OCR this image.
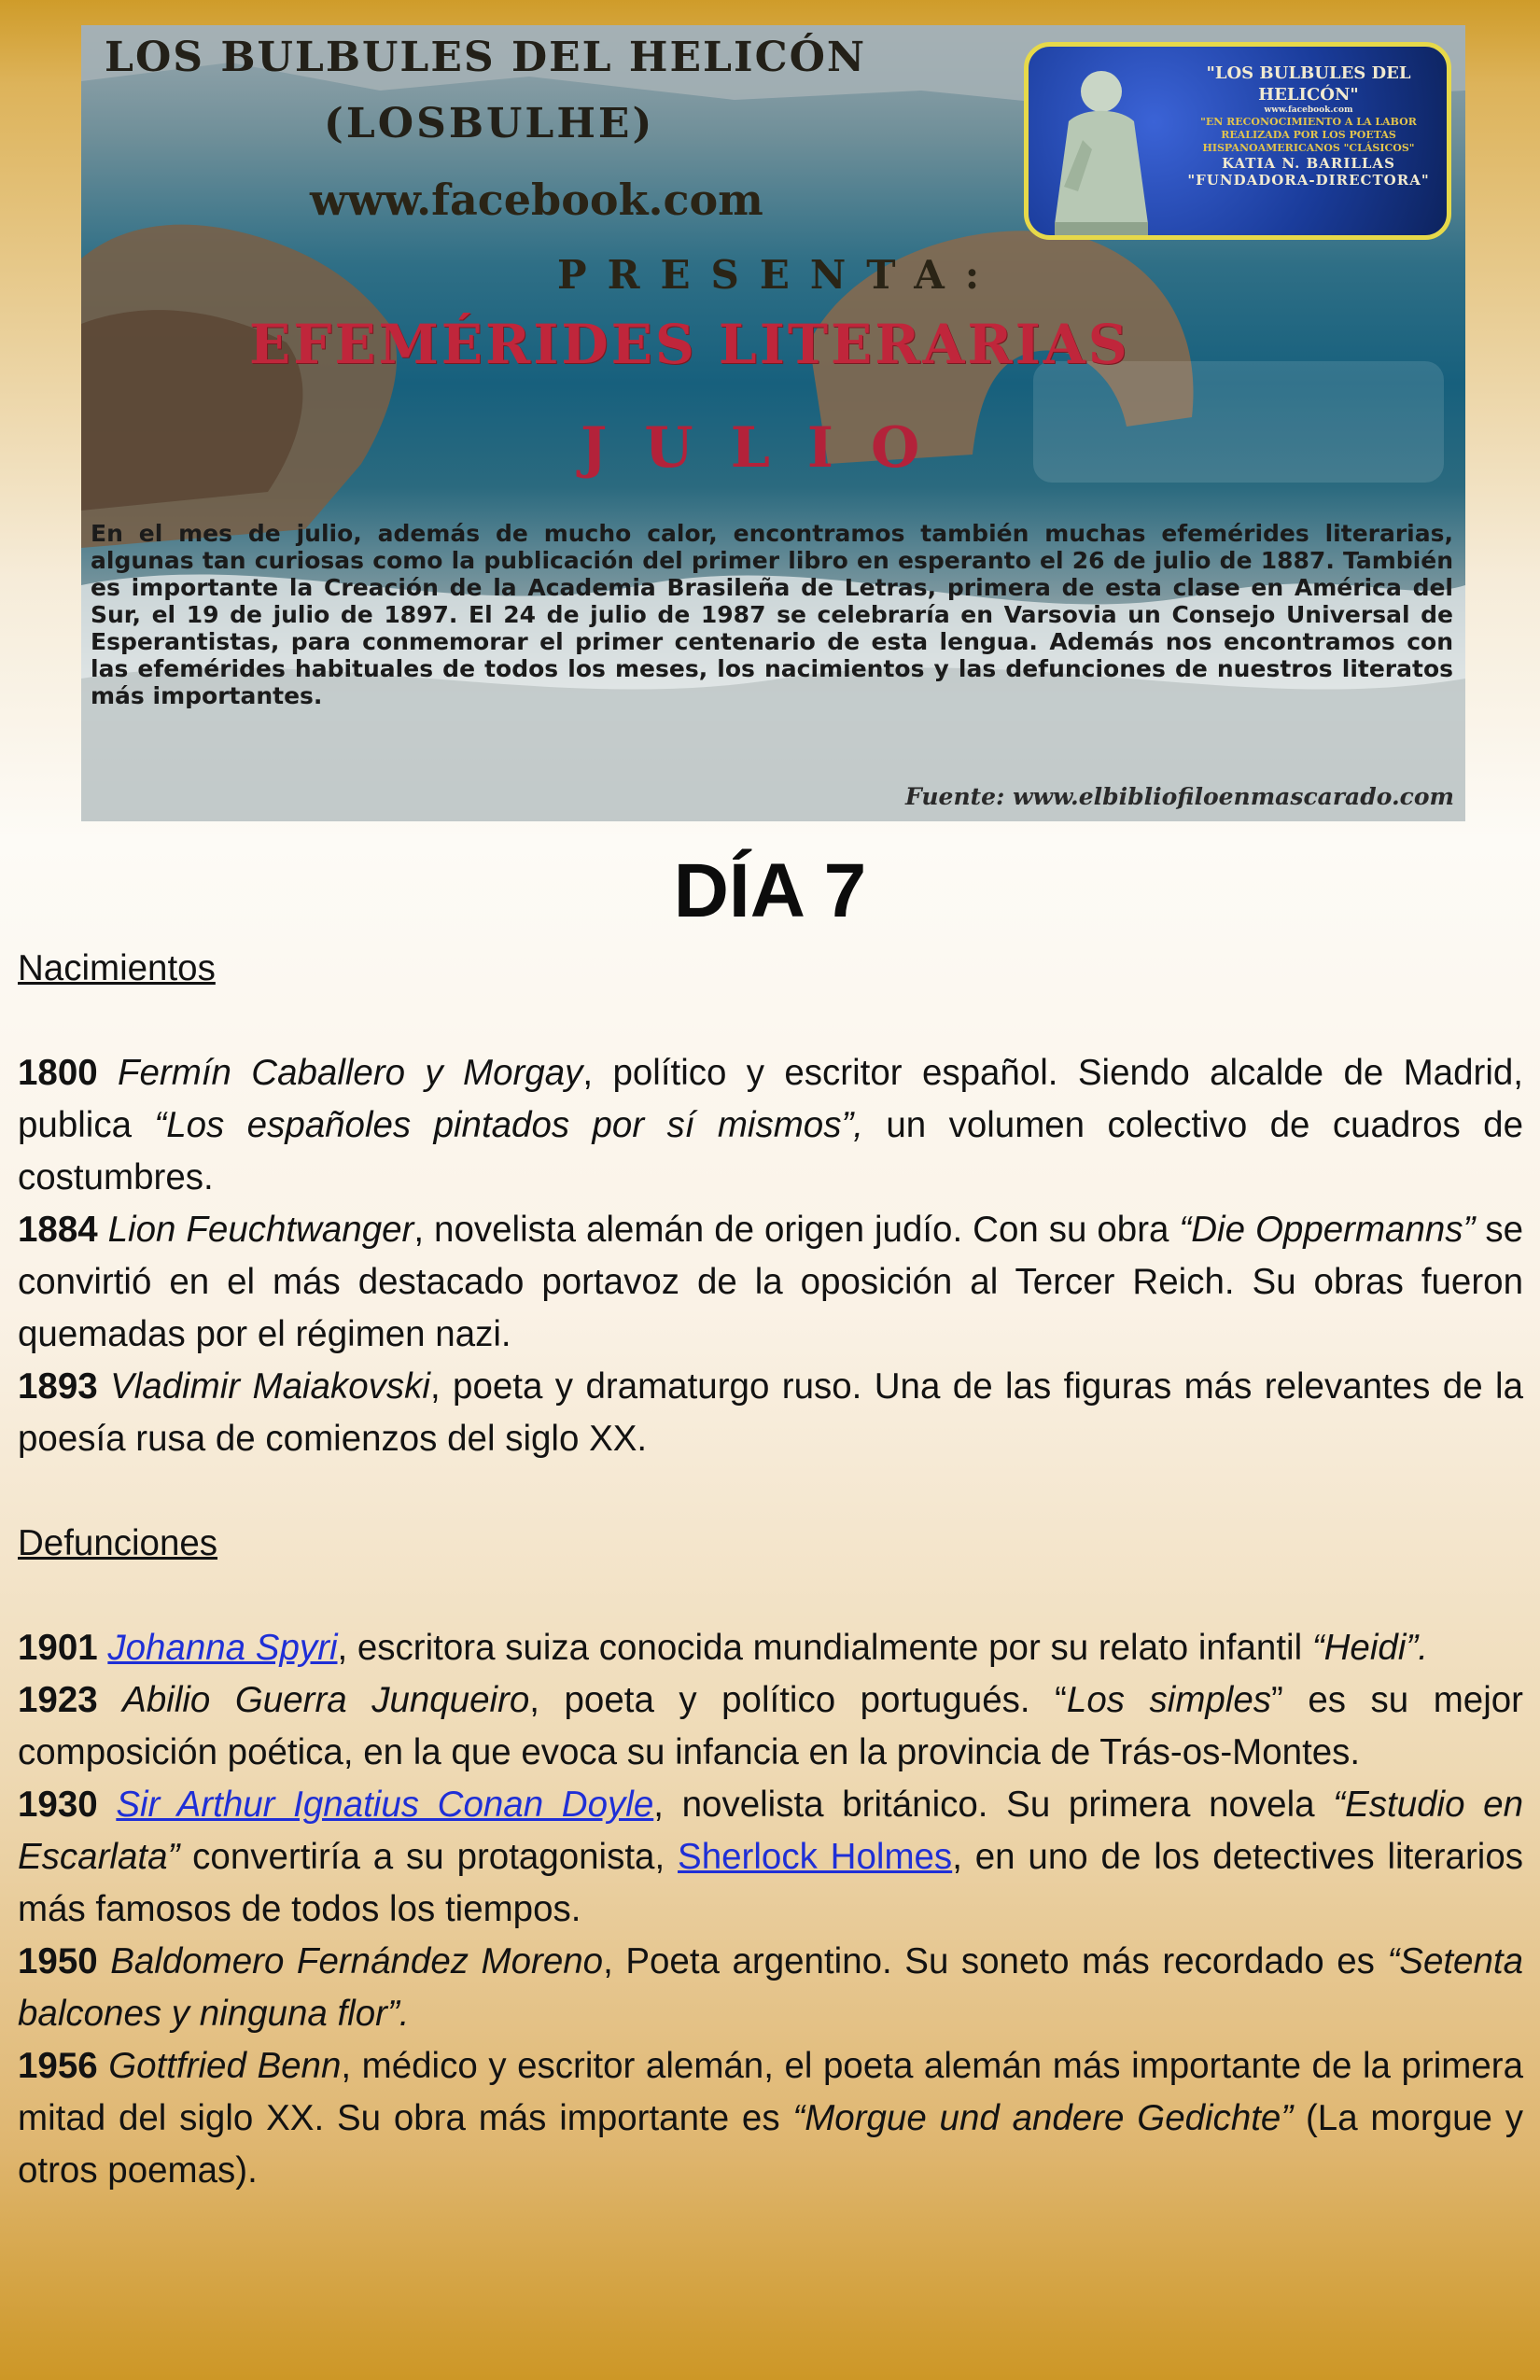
LOS BULBULES DEL HELICÓN
(LOSBULHE)
www.facebook.com
PRESENTA:
EFEMÉRIDES LITERARIAS
JULIO
"LOS BULBULES DEL HELICÓN"
www.facebook.com
"EN RECONOCIMIENTO A LA LABOR REALIZADA POR LOS POETAS HISPANOAMERICANOS "CLÁSICOS"
KATIA N. BARILLAS
"FUNDADORA-DIRECTORA"
En el mes de julio, además de mucho calor, encontramos también muchas efemérides literarias, algunas tan curiosas como la publicación del primer libro en esperanto el 26 de julio de 1887. También es importante la Creación de la Academia Brasileña de Letras, primera de esta clase en América del Sur, el 19 de julio de 1897. El 24 de julio de 1987 se celebraría en Varsovia un Consejo Universal de Esperantistas, para conmemorar el primer centenario de esta lengua. Además nos encontramos con las efemérides habituales de todos los meses, los nacimientos y las defunciones de nuestros literatos más importantes.
Fuente: www.elbibliofiloenmascarado.com
DÍA 7
Nacimientos

1800 Fermín Caballero y Morgay, político y escritor español. Siendo alcalde de Madrid, publica “Los españoles pintados por sí mismos”, un volumen colectivo de cuadros de costumbres.

1884 Lion Feuchtwanger, novelista alemán de origen judío. Con su obra “Die Oppermanns” se convirtió en el más destacado portavoz de la oposición al Tercer Reich. Su obras fueron quemadas por el régimen nazi.

1893 Vladimir Maiakovski, poeta y dramaturgo ruso. Una de las figuras más relevantes de la poesía rusa de comienzos del siglo XX.

Defunciones

1901 Johanna Spyri, escritora suiza conocida mundialmente por su relato infantil “Heidi”.

1923 Abilio Guerra Junqueiro, poeta y político portugués. “Los simples” es su mejor composición poética, en la que evoca su infancia en la provincia de Trás-os-Montes.

1930 Sir Arthur Ignatius Conan Doyle, novelista británico. Su primera novela “Estudio en Escarlata” convertiría a su protagonista, Sherlock Holmes, en uno de los detectives literarios más famosos de todos los tiempos.

1950 Baldomero Fernández Moreno, Poeta argentino. Su soneto más recordado es “Setenta balcones y ninguna flor”.

1956 Gottfried Benn, médico y escritor alemán, el poeta alemán más importante de la primera mitad del siglo XX. Su obra más importante es “Morgue und andere Gedichte” (La morgue y otros poemas).
